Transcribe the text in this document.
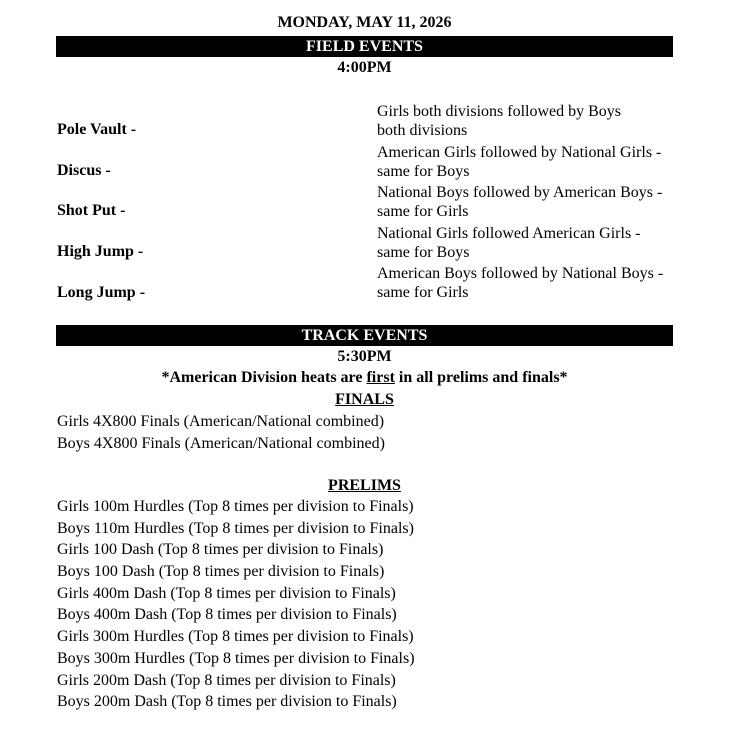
MONDAY, MAY 11, 2026
FIELD EVENTS
4:00PM
Girls both divisions followed by Boys
both divisions
Pole Vault -
American Girls followed by National Girls -
same for Boys
Discus -
National Boys followed by American Boys -
same for Girls
Shot Put -
National Girls followed American Girls -
same for Boys
High Jump -
American Boys followed by National Boys -
same for Girls
Long Jump -
TRACK EVENTS
5:30PM
*American Division heats are first in all prelims and finals*
FINALS
Girls 4X800 Finals (American/National combined)
Boys 4X800 Finals (American/National combined)
PRELIMS
Girls 100m Hurdles (Top 8 times per division to Finals)
Boys 110m Hurdles (Top 8 times per division to Finals)
Girls 100 Dash (Top 8 times per division to Finals)
Boys 100 Dash (Top 8 times per division to Finals)
Girls 400m Dash (Top 8 times per division to Finals)
Boys 400m Dash (Top 8 times per division to Finals)
Girls 300m Hurdles (Top 8 times per division to Finals)
Boys 300m Hurdles (Top 8 times per division to Finals)
Girls 200m Dash (Top 8 times per division to Finals)
Boys 200m Dash (Top 8 times per division to Finals)
